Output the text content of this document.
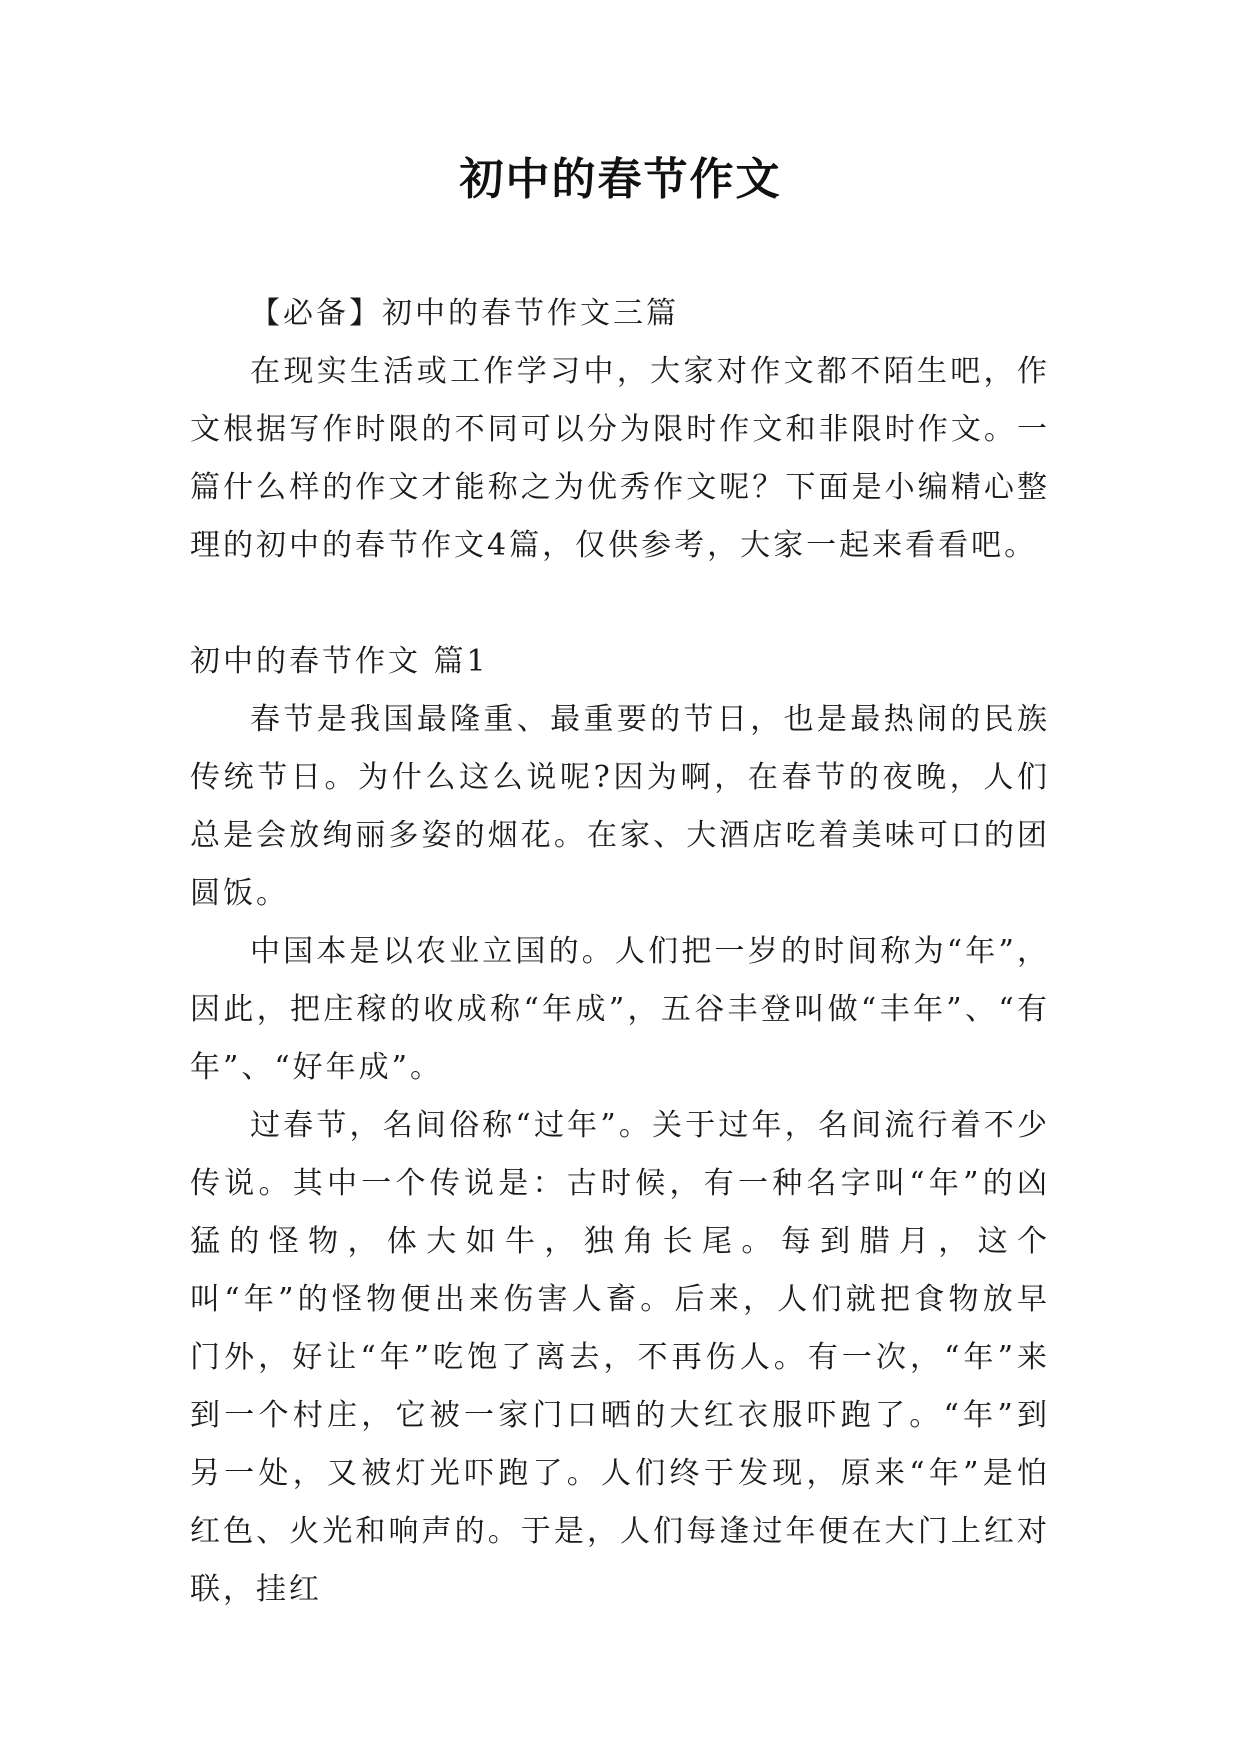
初中的春节作文

【必备】初中的春节作文三篇

在现实生活或工作学习中，大家对作文都不陌生吧，作文根据写作时限的不同可以分为限时作文和非限时作文。一篇什么样的作文才能称之为优秀作文呢？下面是小编精心整理的初中的春节作文4篇，仅供参考，大家一起来看看吧。

初中的春节作文 篇1

春节是我国最隆重、最重要的节日，也是最热闹的民族传统节日。为什么这么说呢?因为啊，在春节的夜晚，人们总是会放绚丽多姿的烟花。在家、大酒店吃着美味可口的团圆饭。

中国本是以农业立国的。人们把一岁的时间称为“年”，因此，把庄稼的收成称“年成”，五谷丰登叫做“丰年”、“有年”、“好年成”。

过春节，名间俗称“过年”。关于过年，名间流行着不少传说。其中一个传说是：古时候，有一种名字叫“年”的凶猛的怪物，体大如牛，独角长尾。每到腊月，这个叫“年”的怪物便出来伤害人畜。后来，人们就把食物放早门外，好让“年”吃饱了离去，不再伤人。有一次，“年”来到一个村庄，它被一家门口晒的大红衣服吓跑了。“年”到另一处，又被灯光吓跑了。人们终于发现，原来“年”是怕红色、火光和响声的。于是，人们每逢过年便在大门上红对联，挂红
